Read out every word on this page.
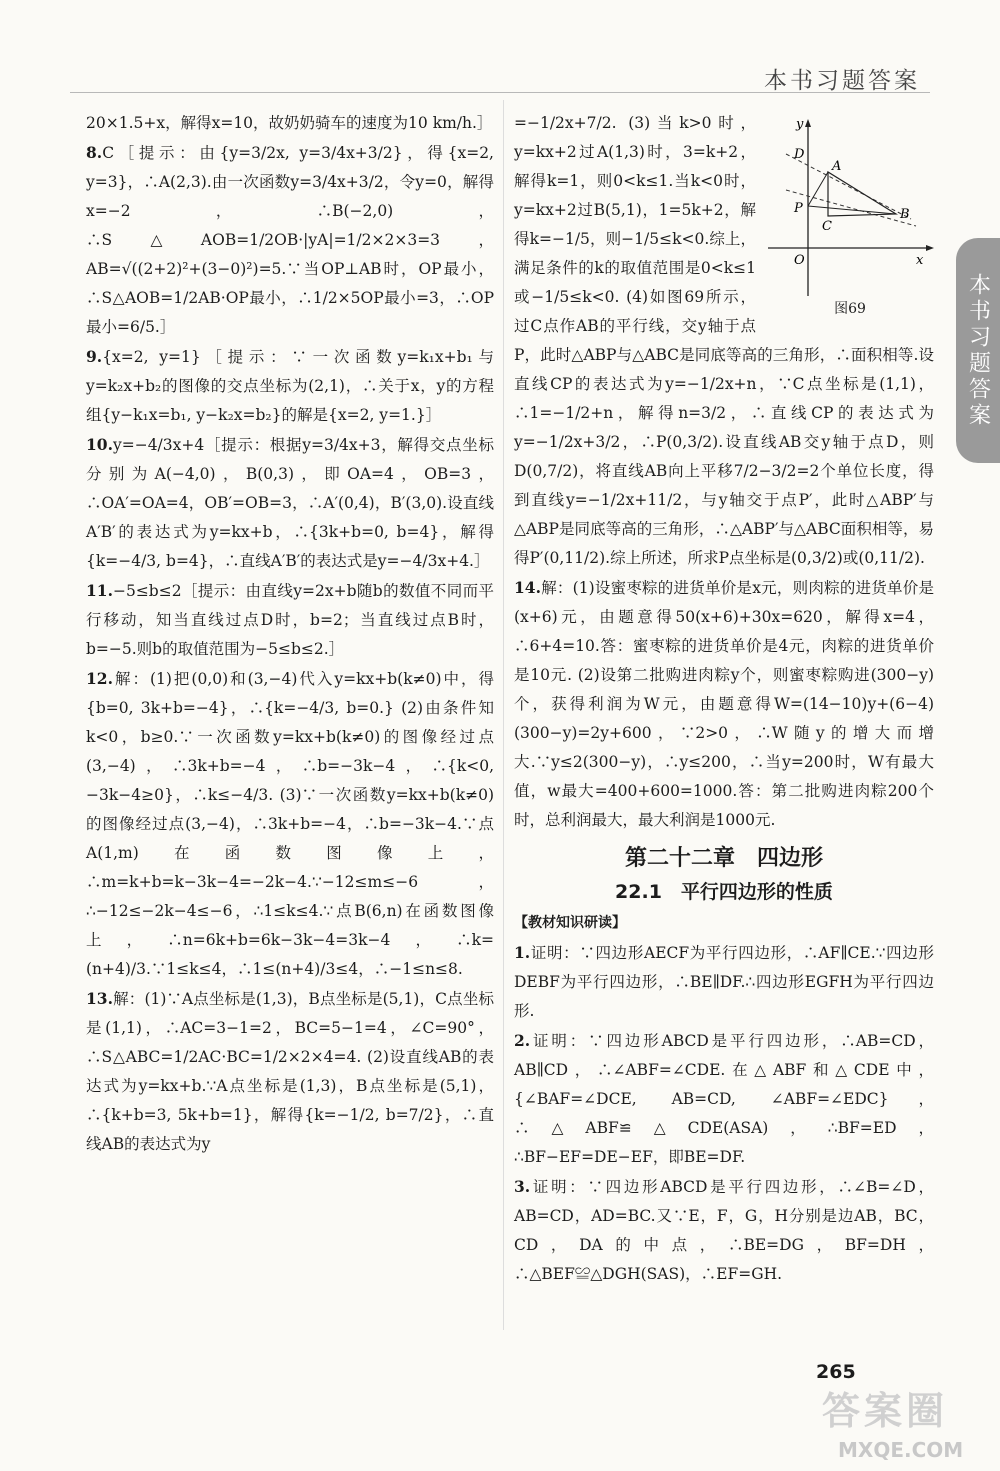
本书习题答案
本书习题答案

20×1.5+x，解得x=10，故奶奶骑车的速度为10 km/h.］

8.C［提示：由{y=3/2x, y=3/4x+3/2}，得{x=2, y=3}，∴A(2,3).由一次函数y=3/4x+3/2，令y=0，解得x=−2，∴B(−2,0)，∴S△AOB=1/2OB·|yA|=1/2×2×3=3，AB=√((2+2)²+(3−0)²)=5.∵当OP⊥AB时，OP最小，∴S△AOB=1/2AB·OP最小，∴1/2×5OP最小=3，∴OP最小=6/5.］

9.{x=2, y=1}［提示：∵一次函数y=k₁x+b₁与y=k₂x+b₂的图像的交点坐标为(2,1)，∴关于x，y的方程组{y−k₁x=b₁, y−k₂x=b₂}的解是{x=2, y=1.}］

10.y=−4/3x+4［提示：根据y=3/4x+3，解得交点坐标分别为A(−4,0)，B(0,3)，即OA=4，OB=3，∴OA′=OA=4，OB′=OB=3，∴A′(0,4)，B′(3,0).设直线A′B′的表达式为y=kx+b，∴{3k+b=0, b=4}，解得{k=−4/3, b=4}，∴直线A′B′的表达式是y=−4/3x+4.］

11.−5≤b≤2［提示：由直线y=2x+b随b的数值不同而平行移动，知当直线过点D时，b=2；当直线过点B时，b=−5.则b的取值范围为−5≤b≤2.］

12.解：(1)把(0,0)和(3,−4)代入y=kx+b(k≠0)中，得{b=0, 3k+b=−4}，∴{k=−4/3, b=0.} (2)由条件知k<0，b≥0.∵一次函数y=kx+b(k≠0)的图像经过点(3,−4)，∴3k+b=−4，∴b=−3k−4，∴{k<0, −3k−4≥0}，∴k≤−4/3. (3)∵一次函数y=kx+b(k≠0)的图像经过点(3,−4)，∴3k+b=−4，∴b=−3k−4.∵点A(1,m)在函数图像上，∴m=k+b=k−3k−4=−2k−4.∵−12≤m≤−6，∴−12≤−2k−4≤−6，∴1≤k≤4.∵点B(6,n)在函数图像上，∴n=6k+b=6k−3k−4=3k−4，∴k=(n+4)/3.∵1≤k≤4，∴1≤(n+4)/3≤4，∴−1≤n≤8.

13.解：(1)∵A点坐标是(1,3)，B点坐标是(5,1)，C点坐标是(1,1)，∴AC=3−1=2，BC=5−1=4，∠C=90°，∴S△ABC=1/2AC·BC=1/2×2×4=4. (2)设直线AB的表达式为y=kx+b.∵A点坐标是(1,3)，B点坐标是(5,1)，∴{k+b=3, 5k+b=1}，解得{k=−1/2, b=7/2}，∴直线AB的表达式为y

y
x
D
A
P
C
B
O
图69

=−1/2x+7/2. (3)当k>0时，y=kx+2过A(1,3)时，3=k+2，解得k=1，则0<k≤1.当k<0时，y=kx+2过B(5,1)，1=5k+2，解得k=−1/5，则−1/5≤k<0.综上，满足条件的k的取值范围是0<k≤1或−1/5≤k<0. (4)如图69所示，过C点作AB的平行线，交y轴于点P，此时△ABP与△ABC是同底等高的三角形，∴面积相等.设直线CP的表达式为y=−1/2x+n，∵C点坐标是(1,1)，∴1=−1/2+n，解得n=3/2，∴直线CP的表达式为y=−1/2x+3/2，∴P(0,3/2).设直线AB交y轴于点D，则D(0,7/2)，将直线AB向上平移7/2−3/2=2个单位长度，得到直线y=−1/2x+11/2，与y轴交于点P′，此时△ABP′与△ABP是同底等高的三角形，∴△ABP′与△ABC面积相等，易得P′(0,11/2).综上所述，所求P点坐标是(0,3/2)或(0,11/2).

14.解：(1)设蜜枣粽的进货单价是x元，则肉粽的进货单价是(x+6)元，由题意得50(x+6)+30x=620，解得x=4，∴6+4=10.答：蜜枣粽的进货单价是4元，肉粽的进货单价是10元. (2)设第二批购进肉粽y个，则蜜枣粽购进(300−y)个，获得利润为W元，由题意得W=(14−10)y+(6−4)(300−y)=2y+600，∵2>0，∴W随y的增大而增大.∵y≤2(300−y)，∴y≤200，∴当y=200时，W有最大值，w最大=400+600=1000.答：第二批购进肉粽200个时，总利润最大，最大利润是1000元.

第二十二章　四边形
22.1　平行四边形的性质

【教材知识研读】

1.证明：∵四边形AECF为平行四边形，∴AF∥CE.∵四边形DEBF为平行四边形，∴BE∥DF.∴四边形EGFH为平行四边形.

2.证明：∵四边形ABCD是平行四边形，∴AB=CD，AB∥CD，∴∠ABF=∠CDE.在△ABF和△CDE中，{∠BAF=∠DCE, AB=CD, ∠ABF=∠EDC}，∴△ABF≌△CDE(ASA)，∴BF=ED，∴BF−EF=DE−EF，即BE=DF.

3.证明：∵四边形ABCD是平行四边形，∴∠B=∠D，AB=CD，AD=BC.又∵E，F，G，H分别是边AB，BC，CD，DA的中点，∴BE=DG，BF=DH，∴△BEF≌△DGH(SAS)，∴EF=GH.

265
答案圈
MXQE.COM
